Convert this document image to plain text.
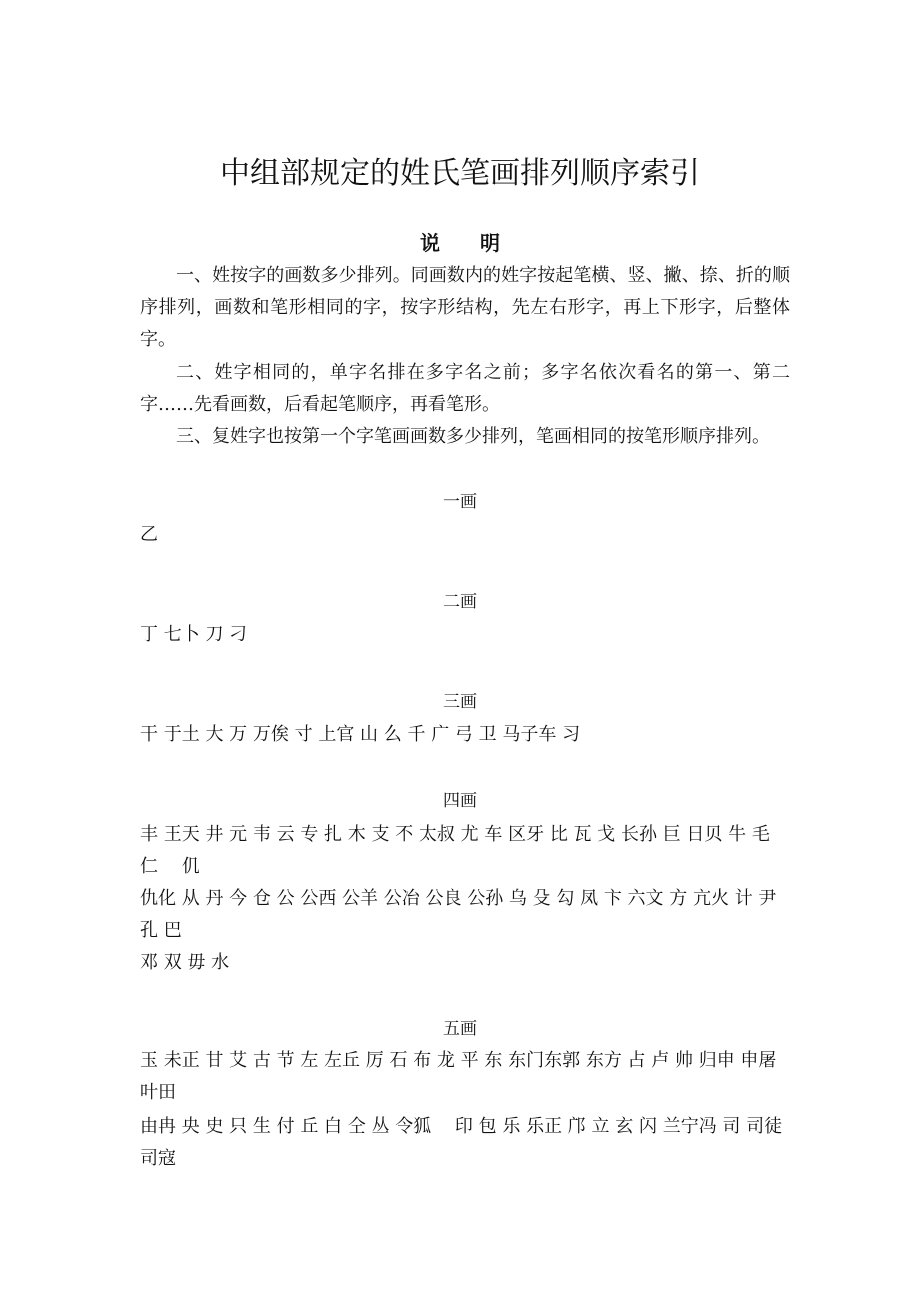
中组部规定的姓氏笔画排列顺序索引
说　　明

一、姓按字的画数多少排列。同画数内的姓字按起笔横、竖、撇、捺、折的顺序排列，画数和笔形相同的字，按字形结构，先左右形字，再上下形字，后整体字。

二、姓字相同的，单字名排在多字名之前；多字名依次看名的第一、第二字……先看画数，后看起笔顺序，再看笔形。

三、复姓字也按第一个字笔画画数多少排列，笔画相同的按笔形顺序排列。

一画

乙

二画

丁 七卜 刀 刁

三画

干 于土 大 万 万俟 寸 上官 山 么 千 广 弓 卫 马子车 习

四画

丰 王天 井 元 韦 云 专 扎 木 支 不 太叔 尤 车 区牙 比 瓦 戈 长孙 巨 日贝 牛 毛 仁　 仉

仇化 从 丹 今 仓 公 公西 公羊 公冶 公良 公孙 乌 殳 勾 凤 卞 六文 方 亢火 计 尹 孔 巴

邓 双 毋 水

五画

玉 未正 甘 艾 古 节 左 左丘 厉 石 布 龙 平 东 东门东郭 东方 占 卢 帅 归申 申屠　 叶田

由冉 央 史 只 生 付 丘 白 仝 丛 令狐　 印 包 乐 乐正 邝 立 玄 闪 兰宁冯 司 司徒 司寇
